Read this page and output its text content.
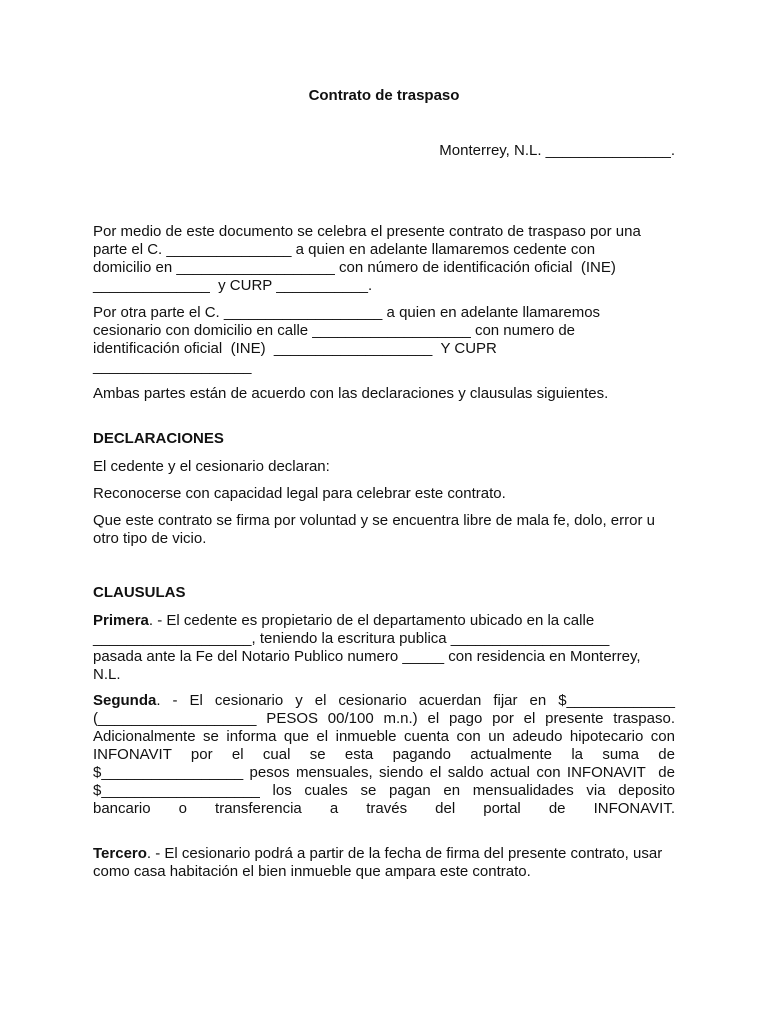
Contrato de traspaso
Monterrey, N.L. _______________.
Por medio de este documento se celebra el presente contrato de traspaso por una
parte el C. _______________ a quien en adelante llamaremos cedente con
domicilio en ___________________ con número de identificación oficial  (INE)
______________  y CURP ___________.
Por otra parte el C. ___________________ a quien en adelante llamaremos
cesionario con domicilio en calle ___________________ con numero de
identificación oficial  (INE)  ___________________  Y CUPR
___________________
Ambas partes están de acuerdo con las declaraciones y clausulas siguientes.
DECLARACIONES
El cedente y el cesionario declaran:
Reconocerse con capacidad legal para celebrar este contrato.
Que este contrato se firma por voluntad y se encuentra libre de mala fe, dolo, error u
otro tipo de vicio.
CLAUSULAS
Primera. - El cedente es propietario de el departamento ubicado en la calle
___________________, teniendo la escritura publica ___________________
pasada ante la Fe del Notario Publico numero _____ con residencia en Monterrey,
N.L.
Segunda. - El cesionario y el cesionario acuerdan fijar en $_____________
(___________________ PESOS 00/100 m.n.) el pago por el presente traspaso.
Adicionalmente se informa que el inmueble cuenta con un adeudo hipotecario con
INFONAVIT por el cual se esta pagando actualmente la suma de
$_________________ pesos mensuales, siendo el saldo actual con INFONAVIT  de
$___________________ los cuales se pagan en mensualidades via deposito
bancario o transferencia a través del portal de INFONAVIT.
Tercero. - El cesionario podrá a partir de la fecha de firma del presente contrato, usar
como casa habitación el bien inmueble que ampara este contrato.
